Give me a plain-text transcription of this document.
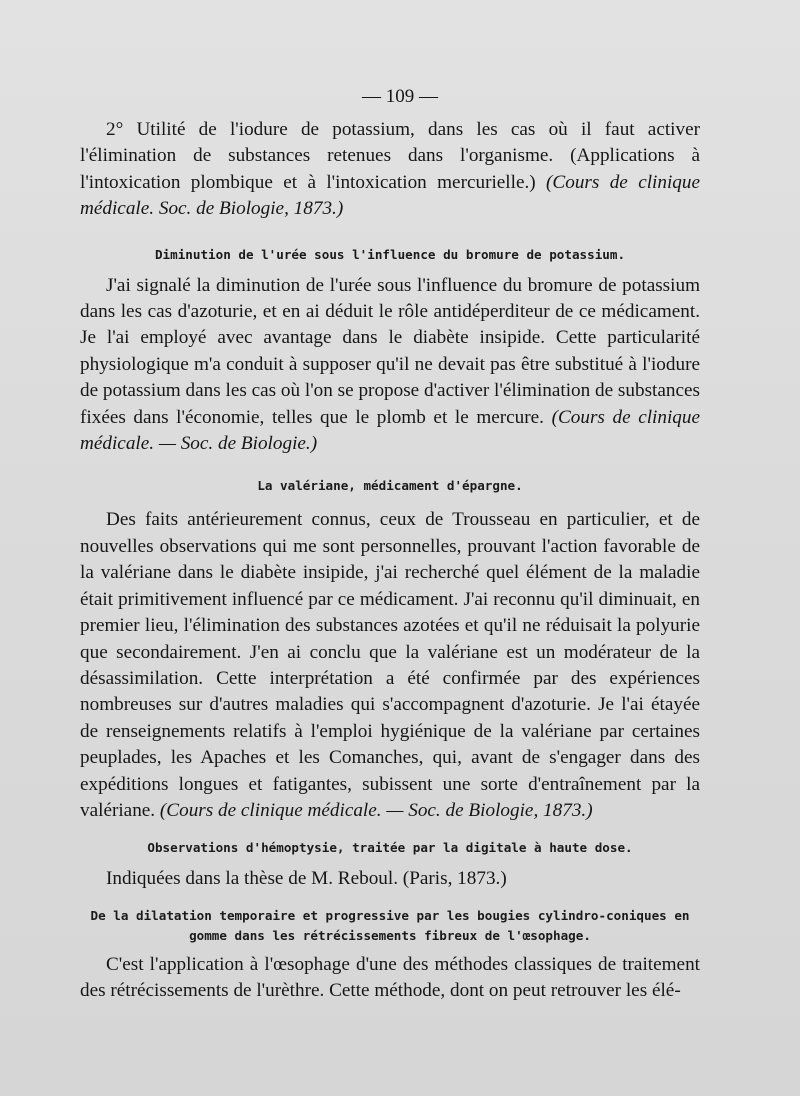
— 109 —

2° Utilité de l'iodure de potassium, dans les cas où il faut activer l'élimination de substances retenues dans l'organisme. (Applications à l'intoxication plombique et à l'intoxication mercurielle.) (Cours de clinique médicale. Soc. de Biologie, 1873.)

Diminution de l'urée sous l'influence du bromure de potassium.

J'ai signalé la diminution de l'urée sous l'influence du bromure de potassium dans les cas d'azoturie, et en ai déduit le rôle antidéperditeur de ce médicament. Je l'ai employé avec avantage dans le diabète insipide. Cette particularité physiologique m'a conduit à supposer qu'il ne devait pas être substitué à l'iodure de potassium dans les cas où l'on se propose d'activer l'élimination de substances fixées dans l'économie, telles que le plomb et le mercure. (Cours de clinique médicale. — Soc. de Biologie.)

La valériane, médicament d'épargne.

Des faits antérieurement connus, ceux de Trousseau en particulier, et de nouvelles observations qui me sont personnelles, prouvant l'action favorable de la valériane dans le diabète insipide, j'ai recherché quel élément de la maladie était primitivement influencé par ce médicament. J'ai reconnu qu'il diminuait, en premier lieu, l'élimination des substances azotées et qu'il ne réduisait la polyurie que secondairement. J'en ai conclu que la valériane est un modérateur de la désassimilation. Cette interprétation a été confirmée par des expériences nombreuses sur d'autres maladies qui s'accompagnent d'azoturie. Je l'ai étayée de renseignements relatifs à l'emploi hygiénique de la valériane par certaines peuplades, les Apaches et les Comanches, qui, avant de s'engager dans des expéditions longues et fatigantes, subissent une sorte d'entraînement par la valériane. (Cours de clinique médicale. — Soc. de Biologie, 1873.)

Observations d'hémoptysie, traitée par la digitale à haute dose.

Indiquées dans la thèse de M. Reboul. (Paris, 1873.)

De la dilatation temporaire et progressive par les bougies cylindro-coniques en
gomme dans les rétrécissements fibreux de l'œsophage.

C'est l'application à l'œsophage d'une des méthodes classiques de traitement des rétrécissements de l'urèthre. Cette méthode, dont on peut retrouver les élé-
